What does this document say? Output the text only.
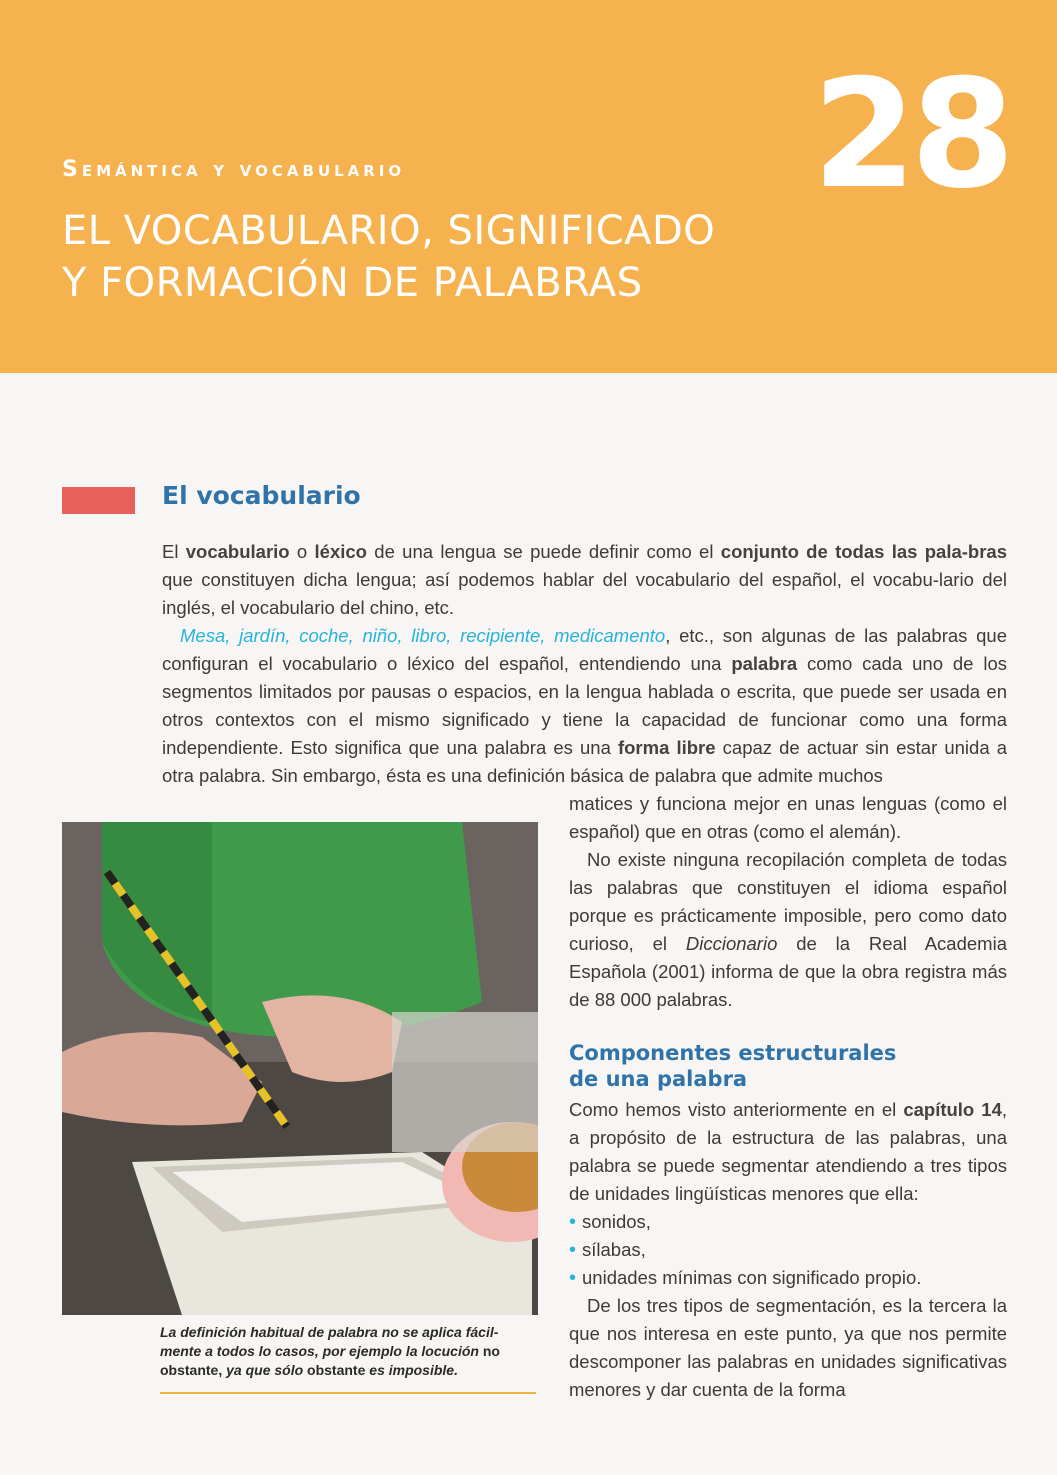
Semántica y vocabulario
EL VOCABULARIO, SIGNIFICADO
Y FORMACIÓN DE PALABRAS
28
El vocabulario

El vocabulario o léxico de una lengua se puede definir como el conjunto de todas las pala-bras que constituyen dicha lengua; así podemos hablar del vocabulario del español, el vocabu-lario del inglés, el vocabulario del chino, etc.

Mesa, jardín, coche, niño, libro, recipiente, medicamento, etc., son algunas de las palabras que configuran el vocabulario o léxico del español, entendiendo una palabra como cada uno de los segmentos limitados por pausas o espacios, en la lengua hablada o escrita, que puede ser usada en otros contextos con el mismo significado y tiene la capacidad de funcionar como una forma independiente. Esto significa que una palabra es una forma libre capaz de actuar sin estar unida a otra palabra. Sin embargo, ésta es una definición básica de palabra que admite muchos

matices y funciona mejor en unas lenguas (como el español) que en otras (como el alemán).

No existe ninguna recopilación completa de todas las palabras que constituyen el idioma español porque es prácticamente imposible, pero como dato curioso, el Diccionario de la Real Academia Española (2001) informa de que la obra registra más de 88 000 palabras.

La definición habitual de palabra no se aplica fácil-mente a todos lo casos, por ejemplo la locución no obstante, ya que sólo obstante es imposible.

Componentes estructurales de una palabra

Como hemos visto anteriormente en el capítulo 14, a propósito de la estructura de las palabras, una palabra se puede segmentar atendiendo a tres tipos de unidades lingüísticas menores que ella:

• sonidos,
• sílabas,
• unidades mínimas con significado propio.

De los tres tipos de segmentación, es la tercera la que nos interesa en este punto, ya que nos permite descomponer las palabras en unidades significativas menores y dar cuenta de la forma
